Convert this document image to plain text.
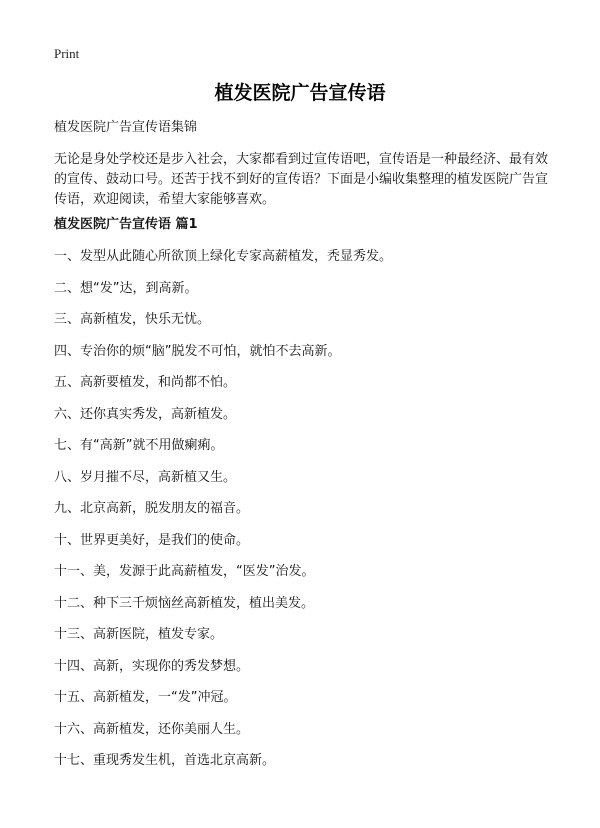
Print
植发医院广告宣传语
植发医院广告宣传语集锦

无论是身处学校还是步入社会，大家都看到过宣传语吧，宣传语是一种最经济、最有效的宣传、鼓动口号。还苦于找不到好的宣传语？下面是小编收集整理的植发医院广告宣传语，欢迎阅读，希望大家能够喜欢。

植发医院广告宣传语 篇1
一、发型从此随心所欲顶上绿化专家高薪植发，秃显秀发。
二、想“发”达，到高新。
三、高新植发，快乐无忧。
四、专治你的烦“脑”脱发不可怕，就怕不去高新。
五、高新要植发，和尚都不怕。
六、还你真实秀发，高新植发。
七、有“高新”就不用做瘌痢。
八、岁月摧不尽，高新植又生。
九、北京高新，脱发朋友的福音。
十、世界更美好，是我们的使命。
十一、美，发源于此高薪植发，“医发”治发。
十二、种下三千烦恼丝高新植发，植出美发。
十三、高新医院，植发专家。
十四、高新，实现你的秀发梦想。
十五、高新植发，一“发”冲冠。
十六、高新植发，还你美丽人生。
十七、重现秀发生机，首选北京高新。
